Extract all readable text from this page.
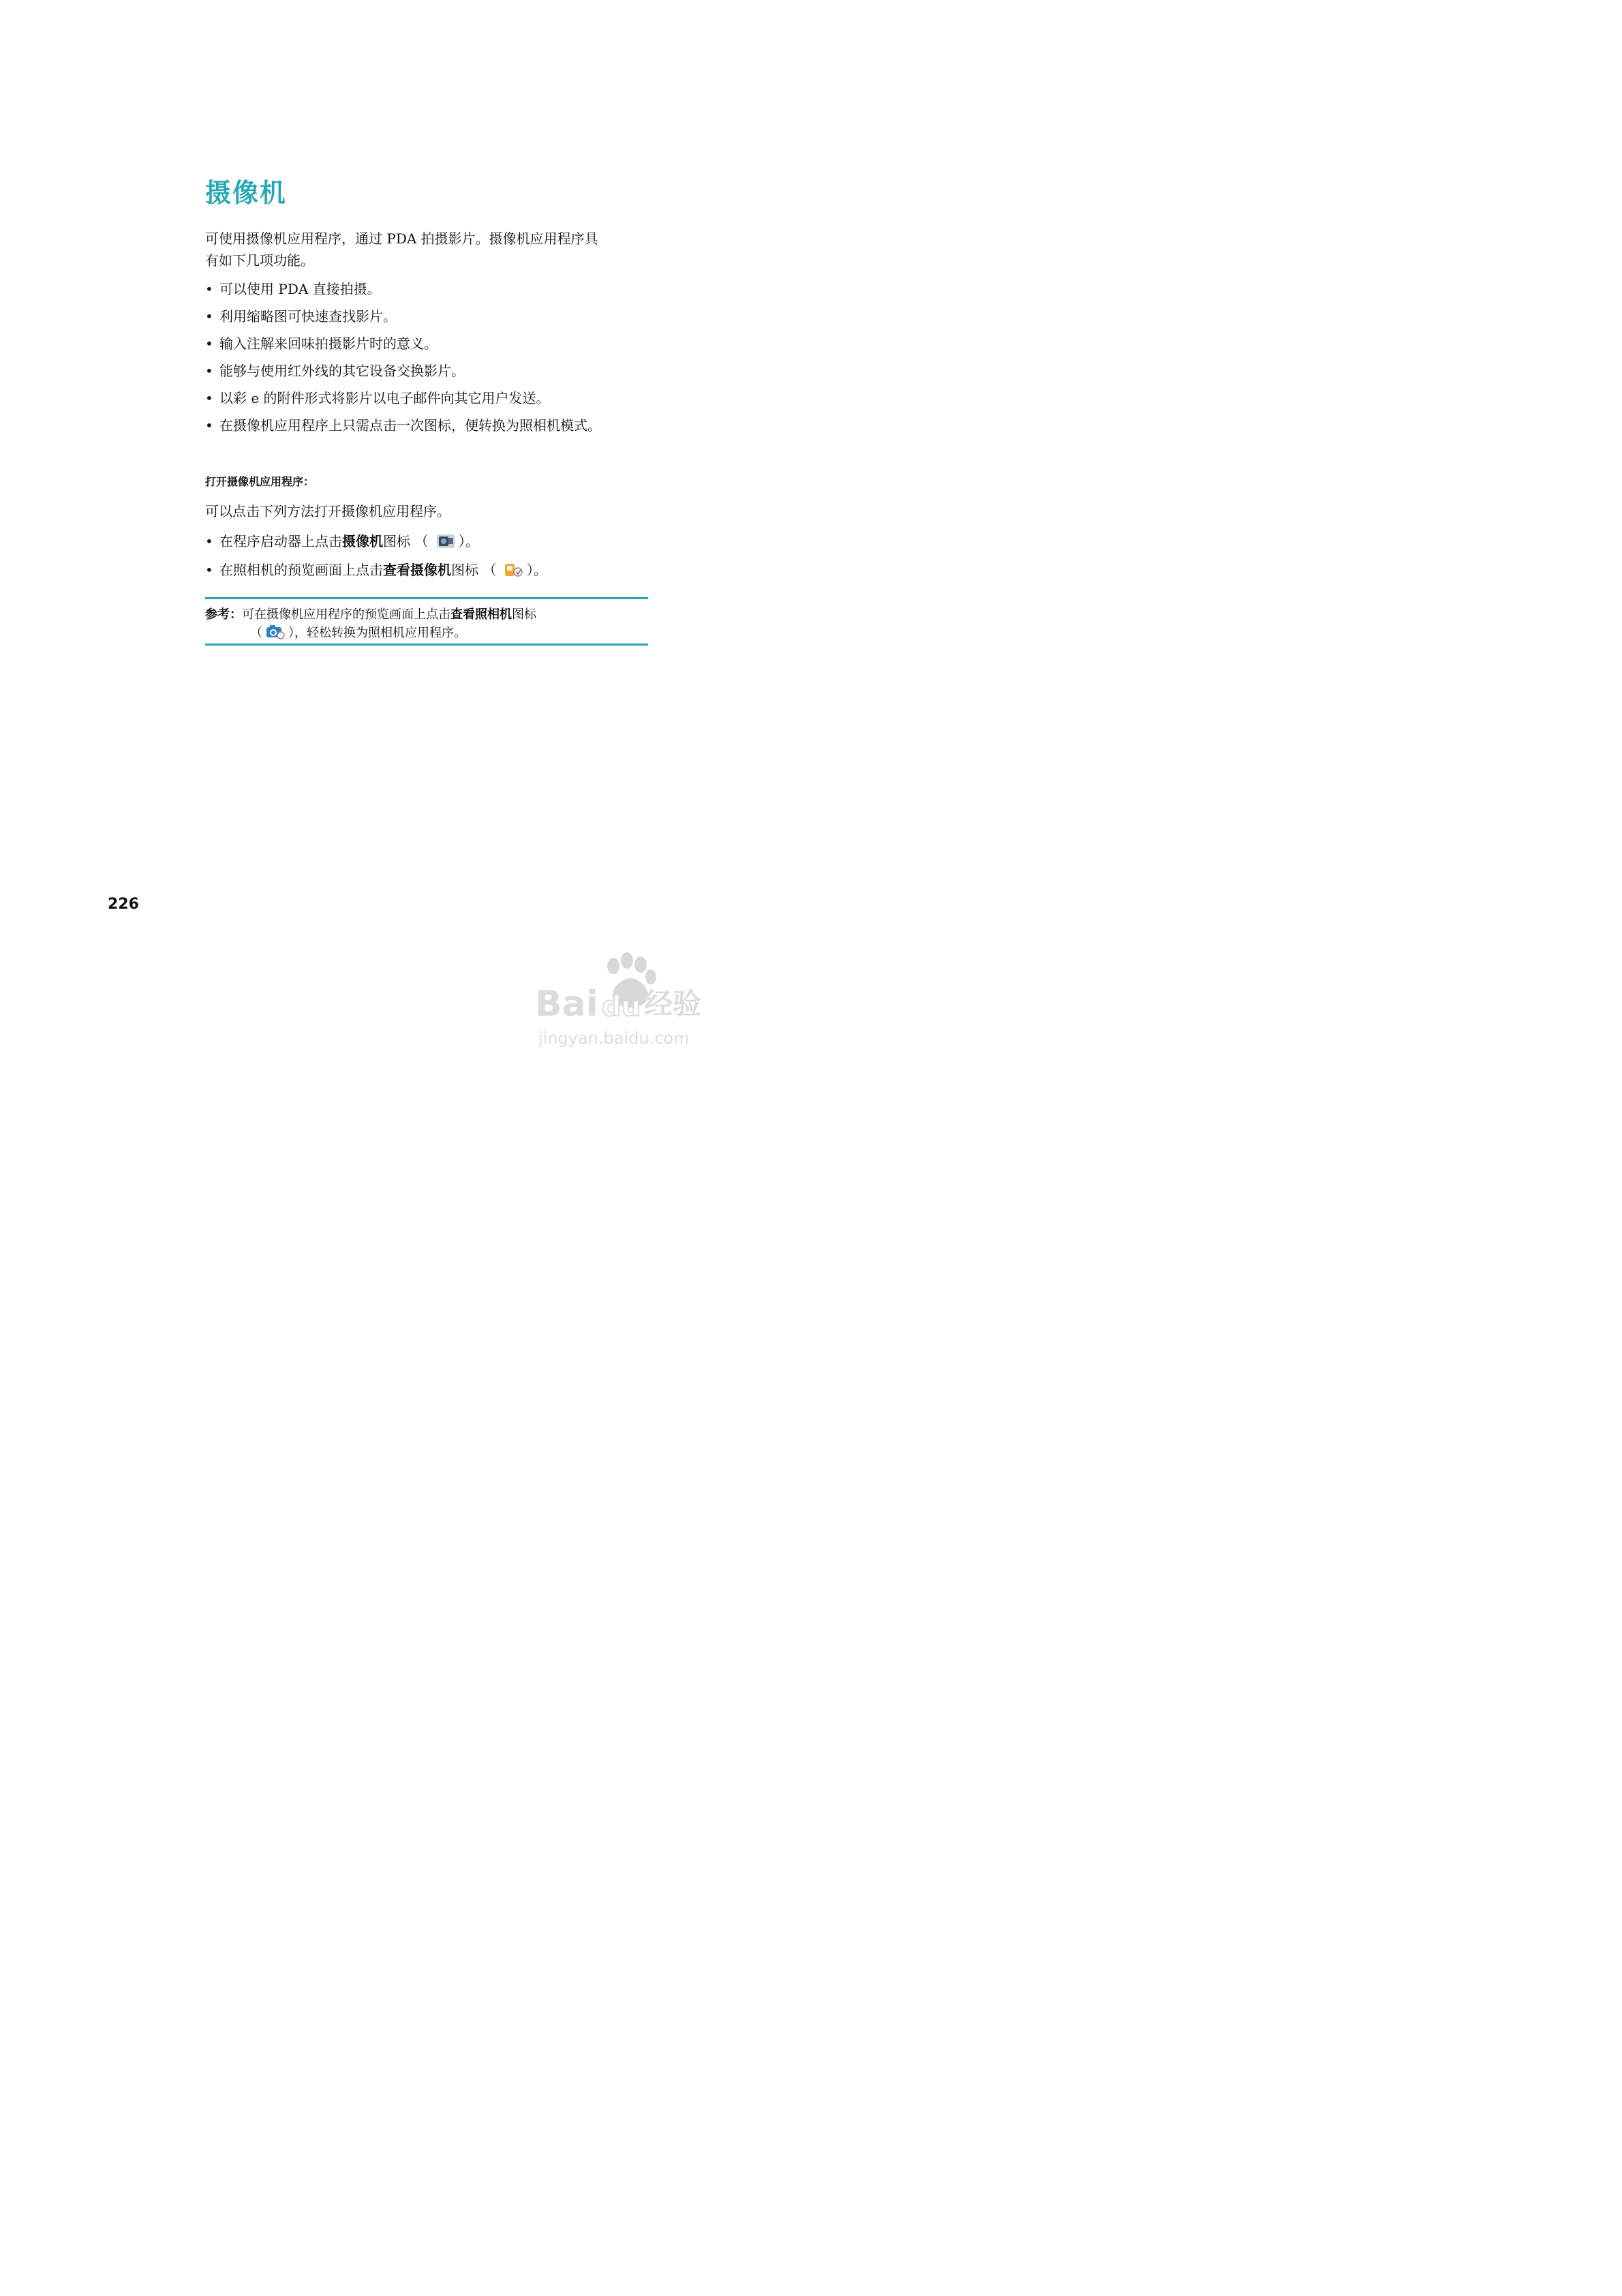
摄像机

可使用摄像机应用程序，通过 PDA 拍摄影片。摄像机应用程序具
有如下几项功能。

• 可以使用 PDA 直接拍摄。
• 利用缩略图可快速查找影片。
• 输入注解来回味拍摄影片时的意义。
• 能够与使用红外线的其它设备交换影片。
• 以彩 e 的附件形式将影片以电子邮件向其它用户发送。
• 在摄像机应用程序上只需点击一次图标，便转换为照相机模式。
打开摄像机应用程序：

可以点击下列方法打开摄像机应用程序。

• 在程序启动器上点击摄像机图标 （ ）。
• 在照相机的预览画面上点击查看摄像机图标 （ ）。
参考：可在摄像机应用程序的预览画面上点击查看照相机图标
（ ），轻松转换为照相机应用程序。
226
Bai du 经验
jingyan.baidu.com
